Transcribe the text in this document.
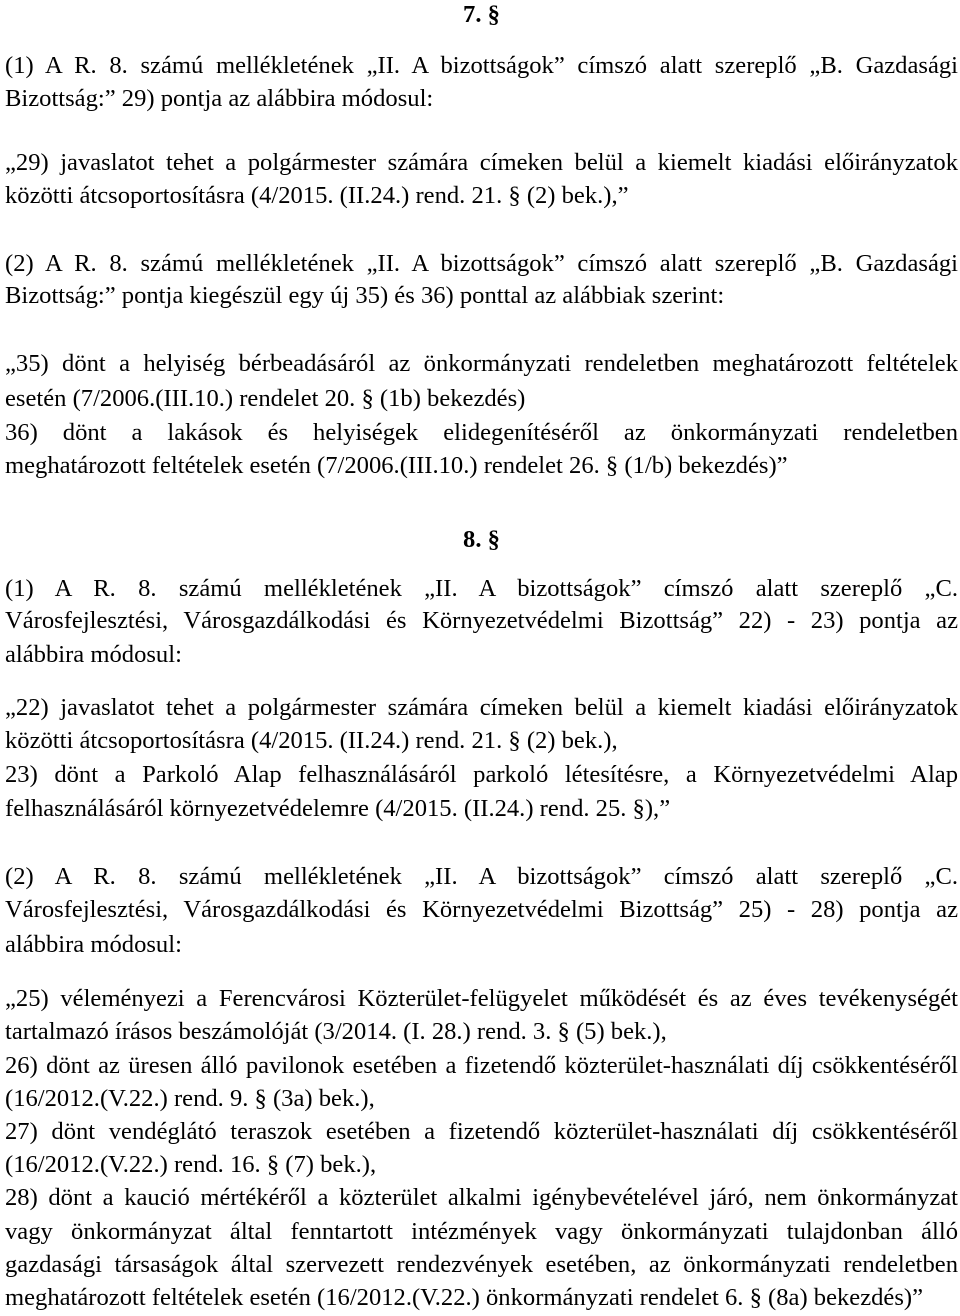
7. §
(1) A R. 8. számú mellékletének „II. A bizottságok” címszó alatt szereplő „B. Gazdasági
Bizottság:” 29) pontja az alábbira módosul:
„29) javaslatot tehet a polgármester számára címeken belül a kiemelt kiadási előirányzatok
közötti átcsoportosításra (4/2015. (II.24.) rend. 21. § (2) bek.),”
(2) A R. 8. számú mellékletének „II. A bizottságok” címszó alatt szereplő „B. Gazdasági
Bizottság:” pontja kiegészül egy új 35) és 36) ponttal az alábbiak szerint:
„35) dönt a helyiség bérbeadásáról az önkormányzati rendeletben meghatározott feltételek
esetén (7/2006.(III.10.) rendelet 20. § (1b) bekezdés)
36) dönt a lakások és helyiségek elidegenítéséről az önkormányzati rendeletben
meghatározott feltételek esetén (7/2006.(III.10.) rendelet 26. § (1/b) bekezdés)”
8. §
(1) A R. 8. számú mellékletének „II. A bizottságok” címszó alatt szereplő „C.
Városfejlesztési, Városgazdálkodási és Környezetvédelmi Bizottság” 22) - 23) pontja az
alábbira módosul:
„22) javaslatot tehet a polgármester számára címeken belül a kiemelt kiadási előirányzatok
közötti átcsoportosításra (4/2015. (II.24.) rend. 21. § (2) bek.),
23) dönt a Parkoló Alap felhasználásáról parkoló létesítésre, a Környezetvédelmi Alap
felhasználásáról környezetvédelemre (4/2015. (II.24.) rend. 25. §),”
(2) A R. 8. számú mellékletének „II. A bizottságok” címszó alatt szereplő „C.
Városfejlesztési, Városgazdálkodási és Környezetvédelmi Bizottság” 25) - 28) pontja az
alábbira módosul:
„25) véleményezi a Ferencvárosi Közterület-felügyelet működését és az éves tevékenységét
tartalmazó írásos beszámolóját (3/2014. (I. 28.) rend. 3. § (5) bek.),
26) dönt az üresen álló pavilonok esetében a fizetendő közterület-használati díj csökkentéséről
(16/2012.(V.22.) rend. 9. § (3a) bek.),
27) dönt vendéglátó teraszok esetében a fizetendő közterület-használati díj csökkentéséről
(16/2012.(V.22.) rend. 16. § (7) bek.),
28) dönt a kaució mértékéről a közterület alkalmi igénybevételével járó, nem önkormányzat
vagy önkormányzat által fenntartott intézmények vagy önkormányzati tulajdonban álló
gazdasági társaságok által szervezett rendezvények esetében, az önkormányzati rendeletben
meghatározott feltételek esetén (16/2012.(V.22.) önkormányzati rendelet 6. § (8a) bekezdés)”
